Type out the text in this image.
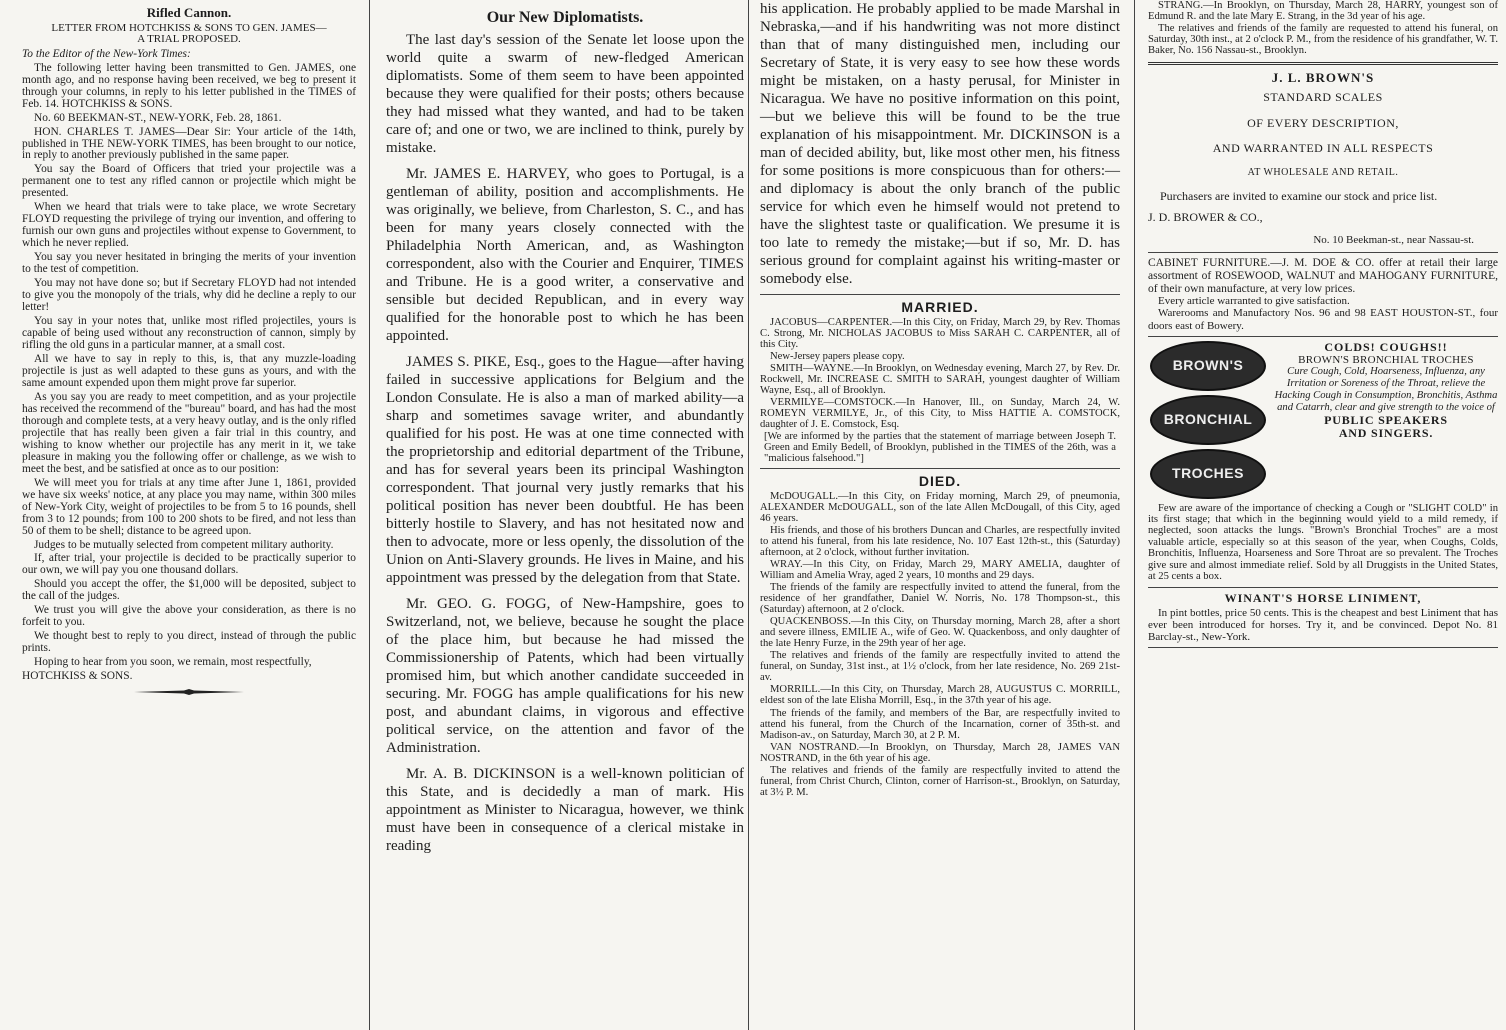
Rifled Cannon.
LETTER FROM HOTCHKISS & SONS TO GEN. JAMES—
A TRIAL PROPOSED.

To the Editor of the New-York Times:

The following letter having been transmitted to Gen. JAMES, one month ago, and no response having been received, we beg to present it through your columns, in reply to his letter published in the TIMES of Feb. 14. HOTCHKISS & SONS.

No. 60 BEEKMAN-ST., NEW-YORK, Feb. 28, 1861.

HON. CHARLES T. JAMES—Dear Sir: Your article of the 14th, published in THE NEW-YORK TIMES, has been brought to our notice, in reply to another previously published in the same paper.

You say the Board of Officers that tried your projectile was a permanent one to test any rifled cannon or projectile which might be presented.

When we heard that trials were to take place, we wrote Secretary FLOYD requesting the privilege of trying our invention, and offering to furnish our own guns and projectiles without expense to Government, to which he never replied.

You say you never hesitated in bringing the merits of your invention to the test of competition.

You may not have done so; but if Secretary FLOYD had not intended to give you the monopoly of the trials, why did he decline a reply to our letter!

You say in your notes that, unlike most rifled projectiles, yours is capable of being used without any reconstruction of cannon, simply by rifling the old guns in a particular manner, at a small cost.

All we have to say in reply to this, is, that any muzzle-loading projectile is just as well adapted to these guns as yours, and with the same amount expended upon them might prove far superior.

As you say you are ready to meet competition, and as your projectile has received the recommend of the "bureau" board, and has had the most thorough and complete tests, at a very heavy outlay, and is the only rifled projectile that has really been given a fair trial in this country, and wishing to know whether our projectile has any merit in it, we take pleasure in making you the following offer or challenge, as we wish to meet the best, and be satisfied at once as to our position:

We will meet you for trials at any time after June 1, 1861, provided we have six weeks' notice, at any place you may name, within 300 miles of New-York City, weight of projectiles to be from 5 to 16 pounds, shell from 3 to 12 pounds; from 100 to 200 shots to be fired, and not less than 50 of them to be shell; distance to be agreed upon.

Judges to be mutually selected from competent military authority.

If, after trial, your projectile is decided to be practically superior to our own, we will pay you one thousand dollars.

Should you accept the offer, the $1,000 will be deposited, subject to the call of the judges.

We trust you will give the above your consideration, as there is no forfeit to you.

We thought best to reply to you direct, instead of through the public prints.

Hoping to hear from you soon, we remain, most respectfully,

HOTCHKISS & SONS.

Our New Diplomatists.

The last day's session of the Senate let loose upon the world quite a swarm of new-fledged American diplomatists. Some of them seem to have been appointed because they were qualified for their posts; others because they had missed what they wanted, and had to be taken care of; and one or two, we are inclined to think, purely by mistake.

Mr. JAMES E. HARVEY, who goes to Portugal, is a gentleman of ability, position and accomplishments. He was originally, we believe, from Charleston, S. C., and has been for many years closely connected with the Philadelphia North American, and, as Washington correspondent, also with the Courier and Enquirer, TIMES and Tribune. He is a good writer, a conservative and sensible but decided Republican, and in every way qualified for the honorable post to which he has been appointed.

JAMES S. PIKE, Esq., goes to the Hague—after having failed in successive applications for Belgium and the London Consulate. He is also a man of marked ability—a sharp and sometimes savage writer, and abundantly qualified for his post. He was at one time connected with the proprietorship and editorial department of the Tribune, and has for several years been its principal Washington correspondent. That journal very justly remarks that his political position has never been doubtful. He has been bitterly hostile to Slavery, and has not hesitated now and then to advocate, more or less openly, the dissolution of the Union on Anti-Slavery grounds. He lives in Maine, and his appointment was pressed by the delegation from that State.

Mr. GEO. G. FOGG, of New-Hampshire, goes to Switzerland, not, we believe, because he sought the place of the place him, but because he had missed the Commissionership of Patents, which had been virtually promised him, but which another candidate succeeded in securing. Mr. FOGG has ample qualifications for his new post, and abundant claims, in vigorous and effective political service, on the attention and favor of the Administration.

Mr. A. B. DICKINSON is a well-known politician of this State, and is decidedly a man of mark. His appointment as Minister to Nicaragua, however, we think must have been in consequence of a clerical mistake in reading

his application. He probably applied to be made Marshal in Nebraska,—and if his handwriting was not more distinct than that of many distinguished men, including our Secretary of State, it is very easy to see how these words might be mistaken, on a hasty perusal, for Minister in Nicaragua. We have no positive information on this point,—but we believe this will be found to be the true explanation of his misappointment. Mr. DICKINSON is a man of decided ability, but, like most other men, his fitness for some positions is more conspicuous than for others:—and diplomacy is about the only branch of the public service for which even he himself would not pretend to have the slightest taste or qualification. We presume it is too late to remedy the mistake;—but if so, Mr. D. has serious ground for complaint against his writing-master or somebody else.

MARRIED.

JACOBUS—CARPENTER.—In this City, on Friday, March 29, by Rev. Thomas C. Strong, Mr. NICHOLAS JACOBUS to Miss SARAH C. CARPENTER, all of this City.

New-Jersey papers please copy.

SMITH—WAYNE.—In Brooklyn, on Wednesday evening, March 27, by Rev. Dr. Rockwell, Mr. INCREASE C. SMITH to SARAH, youngest daughter of William Wayne, Esq., all of Brooklyn.

VERMILYE—COMSTOCK.—In Hanover, Ill., on Sunday, March 24, W. ROMEYN VERMILYE, Jr., of this City, to Miss HATTIE A. COMSTOCK, daughter of J. E. Comstock, Esq.

[We are informed by the parties that the statement of marriage between Joseph T. Green and Emily Bedell, of Brooklyn, published in the TIMES of the 26th, was a "malicious falsehood."]

DIED.

McDOUGALL.—In this City, on Friday morning, March 29, of pneumonia, ALEXANDER McDOUGALL, son of the late Allen McDougall, of this City, aged 46 years.

His friends, and those of his brothers Duncan and Charles, are respectfully invited to attend his funeral, from his late residence, No. 107 East 12th-st., this (Saturday) afternoon, at 2 o'clock, without further invitation.

WRAY.—In this City, on Friday, March 29, MARY AMELIA, daughter of William and Amelia Wray, aged 2 years, 10 months and 29 days.

The friends of the family are respectfully invited to attend the funeral, from the residence of her grandfather, Daniel W. Norris, No. 178 Thompson-st., this (Saturday) afternoon, at 2 o'clock.

QUACKENBOSS.—In this City, on Thursday morning, March 28, after a short and severe illness, EMILIE A., wife of Geo. W. Quackenboss, and only daughter of the late Henry Furze, in the 29th year of her age.

The relatives and friends of the family are respectfully invited to attend the funeral, on Sunday, 31st inst., at 1½ o'clock, from her late residence, No. 269 21st-av.

MORRILL.—In this City, on Thursday, March 28, AUGUSTUS C. MORRILL, eldest son of the late Elisha Morrill, Esq., in the 37th year of his age.

The friends of the family, and members of the Bar, are respectfully invited to attend his funeral, from the Church of the Incarnation, corner of 35th-st. and Madison-av., on Saturday, March 30, at 2 P. M.

VAN NOSTRAND.—In Brooklyn, on Thursday, March 28, JAMES VAN NOSTRAND, in the 6th year of his age.

The relatives and friends of the family are respectfully invited to attend the funeral, from Christ Church, Clinton, corner of Harrison-st., Brooklyn, on Saturday, at 3½ P. M.

STRANG.—In Brooklyn, on Thursday, March 28, HARRY, youngest son of Edmund R. and the late Mary E. Strang, in the 3d year of his age.

The relatives and friends of the family are requested to attend his funeral, on Saturday, 30th inst., at 2 o'clock P. M., from the residence of his grandfather, W. T. Baker, No. 156 Nassau-st., Brooklyn.

J. L. BROWN'S
STANDARD SCALES
OF EVERY DESCRIPTION,
AND WARRANTED IN ALL RESPECTS
AT WHOLESALE AND RETAIL.

Purchasers are invited to examine our stock and price list.

J. D. BROWER & CO.,

No. 10 Beekman-st., near Nassau-st.

CABINET FURNITURE.—J. M. DOE & CO. offer at retail their large assortment of ROSEWOOD, WALNUT and MAHOGANY FURNITURE, of their own manufacture, at very low prices.

Every article warranted to give satisfaction.

Warerooms and Manufactory Nos. 96 and 98 EAST HOUSTON-ST., four doors east of Bowery.

BROWN'S
BRONCHIAL
TROCHES
COLDS! COUGHS!!
BROWN'S BRONCHIAL TROCHES
Cure Cough, Cold, Hoarseness, Influenza, any Irritation or Soreness of the Throat, relieve the Hacking Cough in Consumption, Bronchitis, Asthma and Catarrh, clear and give strength to the voice of
PUBLIC SPEAKERS
AND SINGERS.

Few are aware of the importance of checking a Cough or "SLIGHT COLD" in its first stage; that which in the beginning would yield to a mild remedy, if neglected, soon attacks the lungs. "Brown's Bronchial Troches" are a most valuable article, especially so at this season of the year, when Coughs, Colds, Bronchitis, Influenza, Hoarseness and Sore Throat are so prevalent. The Troches give sure and almost immediate relief. Sold by all Druggists in the United States, at 25 cents a box.

WINANT'S HORSE LINIMENT,

In pint bottles, price 50 cents. This is the cheapest and best Liniment that has ever been introduced for horses. Try it, and be convinced. Depot No. 81 Barclay-st., New-York.
